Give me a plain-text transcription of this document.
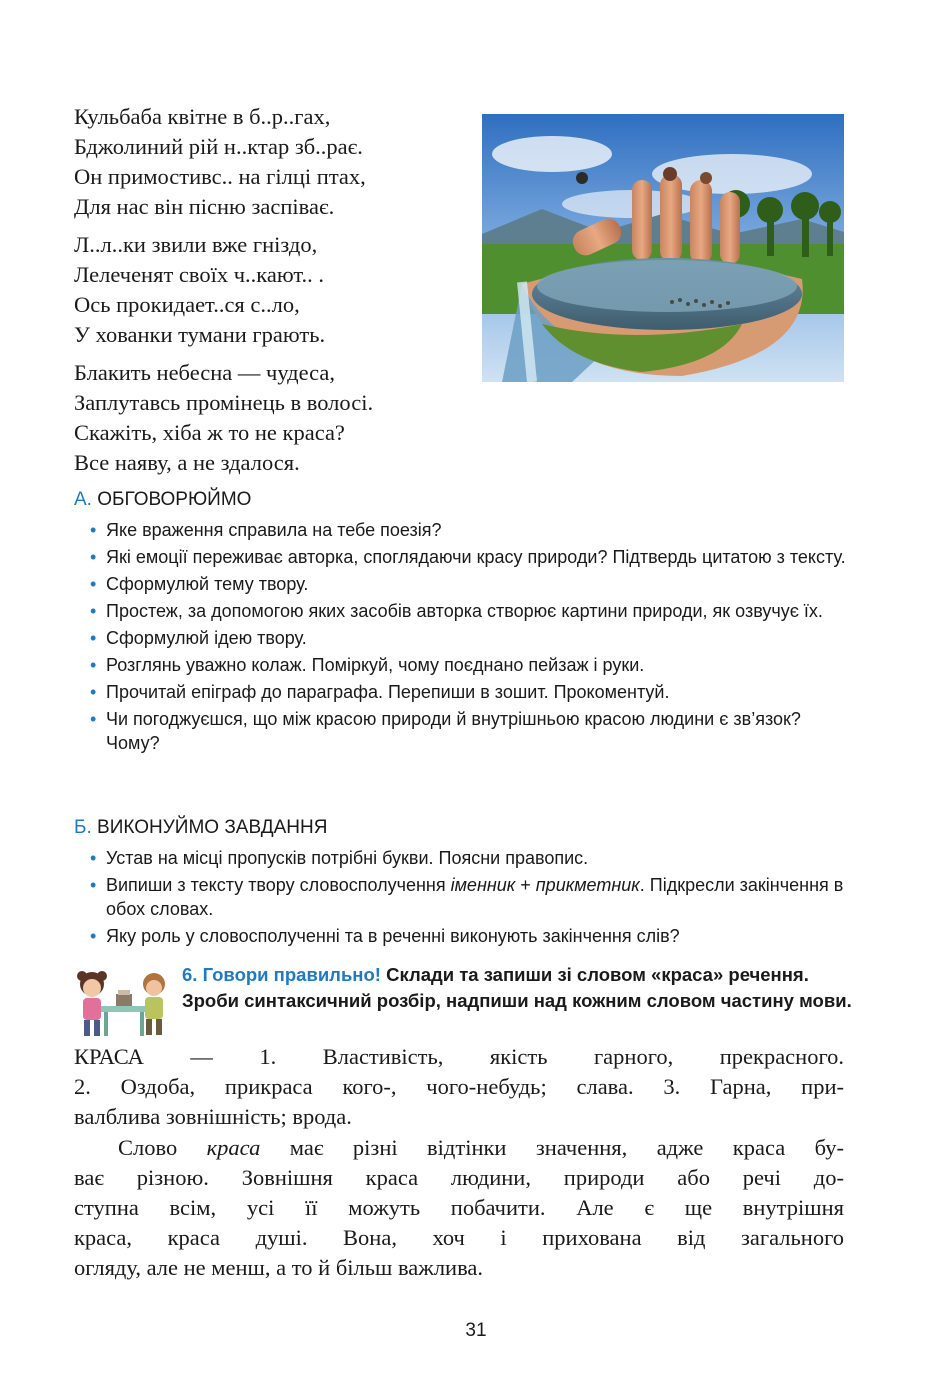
Кульбаба квітне в б..р..гах,
Бджолиний рій н..ктар зб..рає.
Он примостивс.. на гілці птах,
Для нас він пісню заспіває.
Л..л..ки звили вже гніздо,
Лелеченят своїх ч..кают.. .
Ось прокидает..ся с..ло,
У хованки тумани грають.
Блакить небесна — чудеса,
Заплутавсь промінець в волосі.
Скажіть, хіба ж то не краса?
Все наяву, а не здалося.
А. ОБГОВОРЮЙМО
• Яке враження справила на тебе поезія?
• Які емоції переживає авторка, споглядаючи красу природи? Підтвердь цитатою з тексту.
• Сформулюй тему твору.
• Простеж, за допомогою яких засобів авторка створює картини природи, як озвучує їх.
• Сформулюй ідею твору.
• Розглянь уважно колаж. Поміркуй, чому поєднано пейзаж і руки.
• Прочитай епіграф до параграфа. Перепиши в зошит. Прокоментуй.
• Чи погоджуєшся, що між красою природи й внутрішньою красою людини є зв’язок? Чому?
Б. ВИКОНУЙМО ЗАВДАННЯ
• Устав на місці пропусків потрібні букви. Поясни правопис.
• Випиши з тексту твору словосполучення іменник + прикметник. Підкресли закінчення в обох словах.
• Яку роль у словосполученні та в реченні виконують закінчення слів?
6. Говори правильно! Склади та запиши зі словом «краса» речення. Зроби синтаксичний розбір, надпиши над кожним словом частину мови.
КРАСА — 1. Властивість, якість гарного, прекрасного.
2. Оздоба, прикраса кого-, чого-небудь; слава. 3. Гарна, при-
валблива зовнішність; врода.
Слово краса має різні відтінки значення, адже краса бу-
ває різною. Зовнішня краса людини, природи або речі до-
ступна всім, усі її можуть побачити. Але є ще внутрішня
краса, краса душі. Вона, хоч і прихована від загального
огляду, але не менш, а то й більш важлива.
31
